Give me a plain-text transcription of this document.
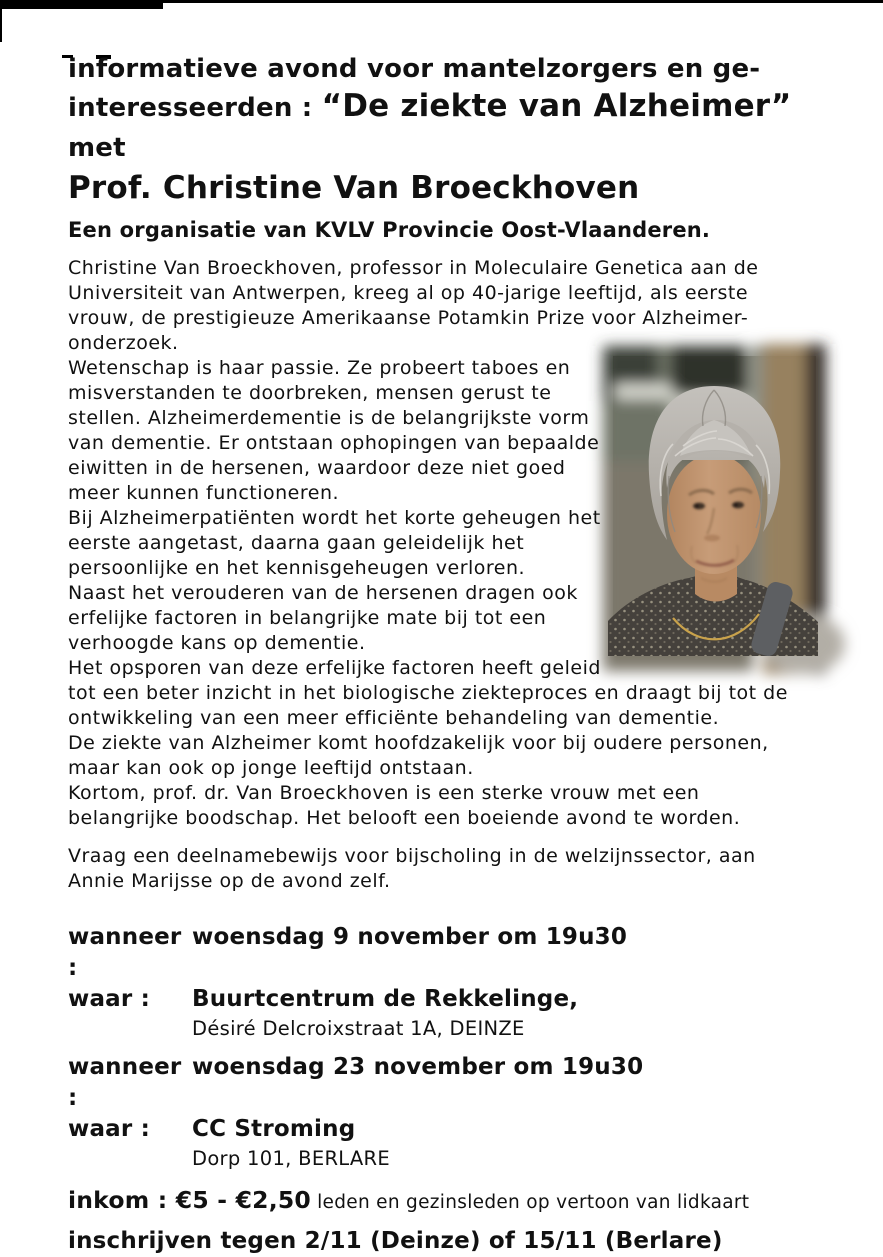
informatieve avond voor mantelzorgers en ge-
interesseerden : “De ziekte van Alzheimer” met
Prof. Christine Van Broeckhoven
Een organisatie van KVLV Provincie Oost-Vlaanderen.

Christine Van Broeckhoven, professor in Moleculaire Genetica aan de Universiteit van Antwerpen, kreeg al op 40-jarige leeftijd, als eerste vrouw, de prestigieuze Amerikaanse Potamkin Prize voor Alzheimer-onderzoek.

Wetenschap is haar passie. Ze probeert taboes en misverstanden te doorbreken, mensen gerust te stellen. Alzheimerdementie is de belangrijkste vorm van dementie. Er ontstaan ophopingen van bepaalde eiwitten in de hersenen, waardoor deze niet goed meer kunnen functioneren.

Bij Alzheimerpatiënten wordt het korte geheugen het eerste aangetast, daarna gaan geleidelijk het persoonlijke en het kennisgeheugen verloren.

Naast het verouderen van de hersenen dragen ook erfelijke factoren in belangrijke mate bij tot een verhoogde kans op dementie.

Het opsporen van deze erfelijke factoren heeft geleid tot een beter inzicht in het biologische ziekteproces en draagt bij tot de ontwikkeling van een meer efficiënte behandeling van dementie.

De ziekte van Alzheimer komt hoofdzakelijk voor bij oudere personen, maar kan ook op jonge leeftijd ontstaan.

Kortom, prof. dr. Van Broeckhoven is een sterke vrouw met een belangrijke boodschap. Het belooft een boeiende avond te worden.

Vraag een deelnamebewijs voor bijscholing in de welzijnssector, aan Annie Marijsse op de avond zelf.

wanneer :
woensdag 9 november om 19u30
waar :	Buurtcentrum de Rekkelinge,
Désiré Delcroixstraat 1A, DEINZE
wanneer :
woensdag 23 november om 19u30
waar :	CC Stroming
Dorp 101, BERLARE
inkom : €5 - €2,50 leden en gezinsleden op vertoon van lidkaart
inschrijven tegen 2/11 (Deinze) of 15/11 (Berlare)
